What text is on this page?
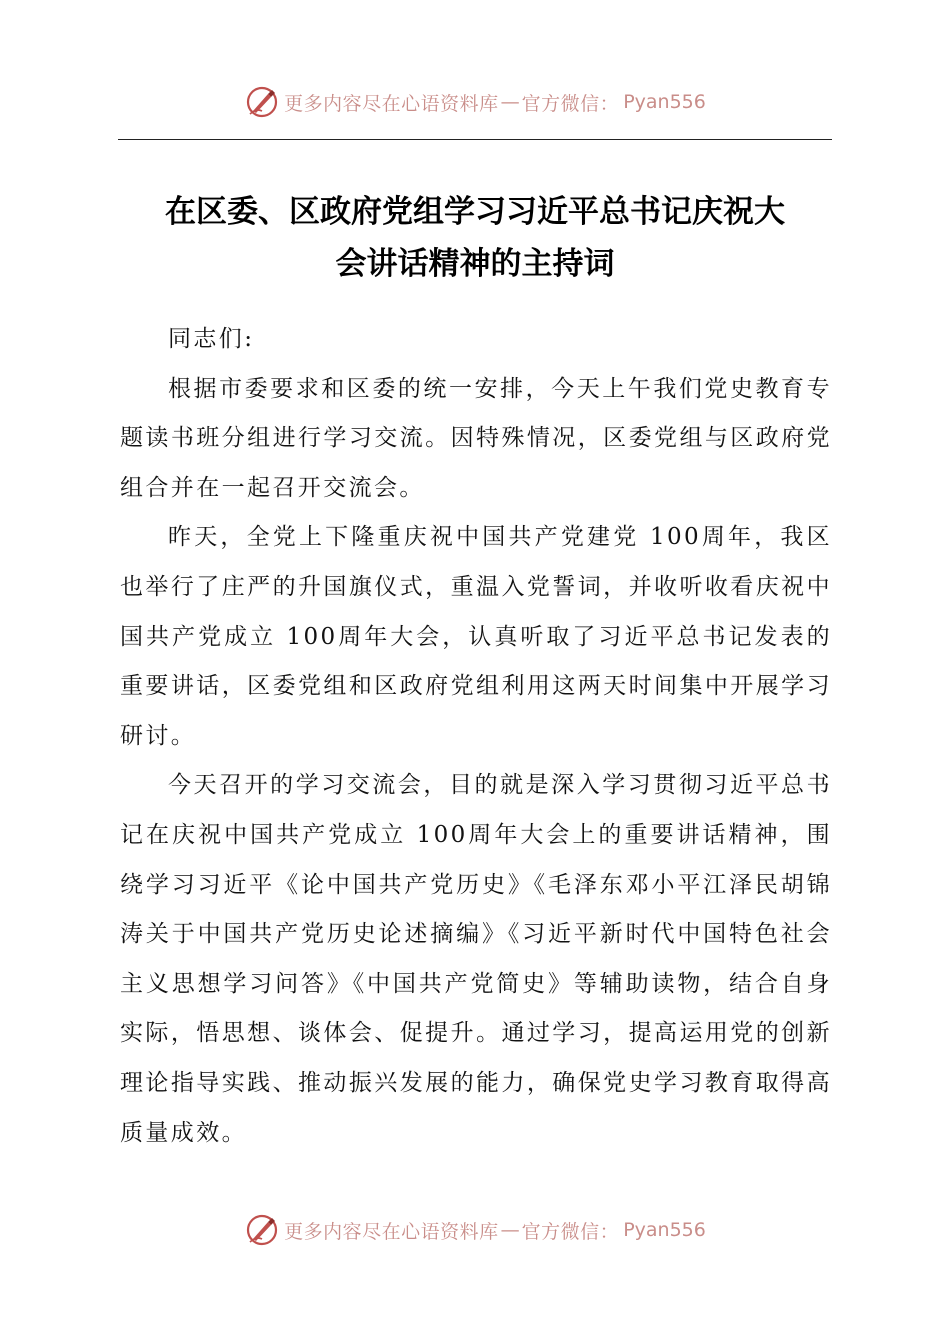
更多内容尽在心语资料库 — 官方微信： Pyan556
在区委、区政府党组学习习近平总书记庆祝大
会讲话精神的主持词

同志们:

根据市委要求和区委的统一安排，今天上午我们党史教育专题读书班分组进行学习交流。因特殊情况，区委党组与区政府党组合并在一起召开交流会。

昨天，全党上下隆重庆祝中国共产党建党 100周年，我区也举行了庄严的升国旗仪式，重温入党誓词，并收听收看庆祝中国共产党成立 100周年大会，认真听取了习近平总书记发表的重要讲话，区委党组和区政府党组利用这两天时间集中开展学习研讨。

今天召开的学习交流会，目的就是深入学习贯彻习近平总书记在庆祝中国共产党成立 100周年大会上的重要讲话精神，围绕学习习近平《论中国共产党历史》《毛泽东邓小平江泽民胡锦涛关于中国共产党历史论述摘编》《习近平新时代中国特色社会主义思想学习问答》《中国共产党简史》等辅助读物，结合自身实际，悟思想、谈体会、促提升。通过学习，提高运用党的创新理论指导实践、推动振兴发展的能力，确保党史学习教育取得高质量成效。

更多内容尽在心语资料库 — 官方微信： Pyan556
